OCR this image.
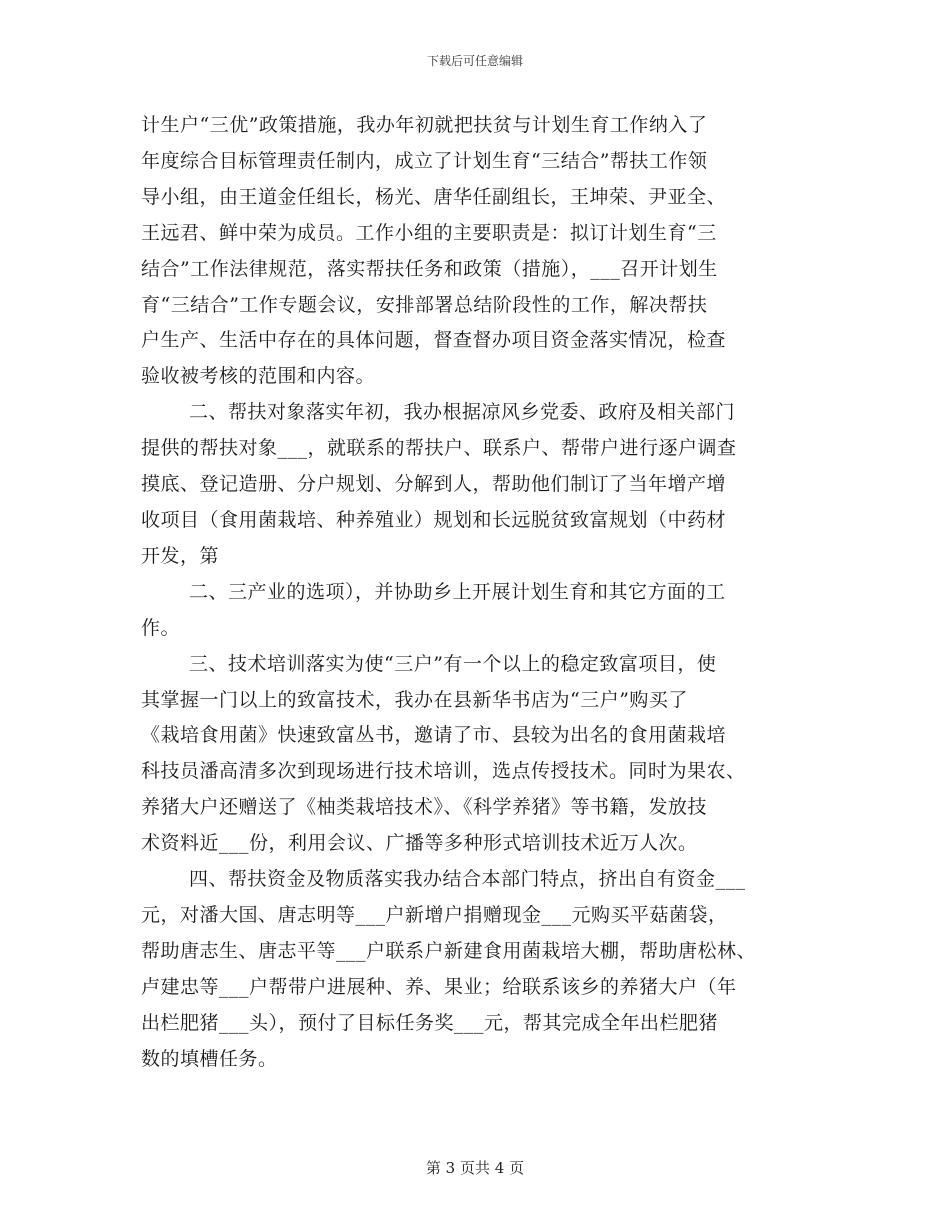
下载后可任意编辑
计生户“三优”政策措施，我办年初就把扶贫与计划生育工作纳入了
年度综合目标管理责任制内，成立了计划生育“三结合”帮扶工作领
导小组，由王道金任组长，杨光、唐华任副组长，王坤荣、尹亚全、
王远君、鲜中荣为成员。工作小组的主要职责是：拟订计划生育“三
结合”工作法律规范，落实帮扶任务和政策（措施），___召开计划生
育“三结合”工作专题会议，安排部署总结阶段性的工作，解决帮扶
户生产、生活中存在的具体问题，督查督办项目资金落实情况，检查
验收被考核的范围和内容。
二、帮扶对象落实年初，我办根据凉风乡党委、政府及相关部门
提供的帮扶对象___，就联系的帮扶户、联系户、帮带户进行逐户调查
摸底、登记造册、分户规划、分解到人，帮助他们制订了当年增产增
收项目（食用菌栽培、种养殖业）规划和长远脱贫致富规划（中药材
开发，第
二、三产业的选项），并协助乡上开展计划生育和其它方面的工
作。
三、技术培训落实为使“三户”有一个以上的稳定致富项目，使
其掌握一门以上的致富技术，我办在县新华书店为“三户”购买了
《栽培食用菌》快速致富丛书，邀请了市、县较为出名的食用菌栽培
科技员潘高清多次到现场进行技术培训，选点传授技术。同时为果农、
养猪大户还赠送了《柚类栽培技术》、《科学养猪》等书籍，发放技
术资料近___份，利用会议、广播等多种形式培训技术近万人次。
四、帮扶资金及物质落实我办结合本部门特点，挤出自有资金___
元，对潘大国、唐志明等___户新增户捐赠现金___元购买平菇菌袋，
帮助唐志生、唐志平等___户联系户新建食用菌栽培大棚，帮助唐松林、
卢建忠等___户帮带户进展种、养、果业；给联系该乡的养猪大户（年
出栏肥猪___头），预付了目标任务奖___元，帮其完成全年出栏肥猪
数的填槽任务。
第 3 页共 4 页
